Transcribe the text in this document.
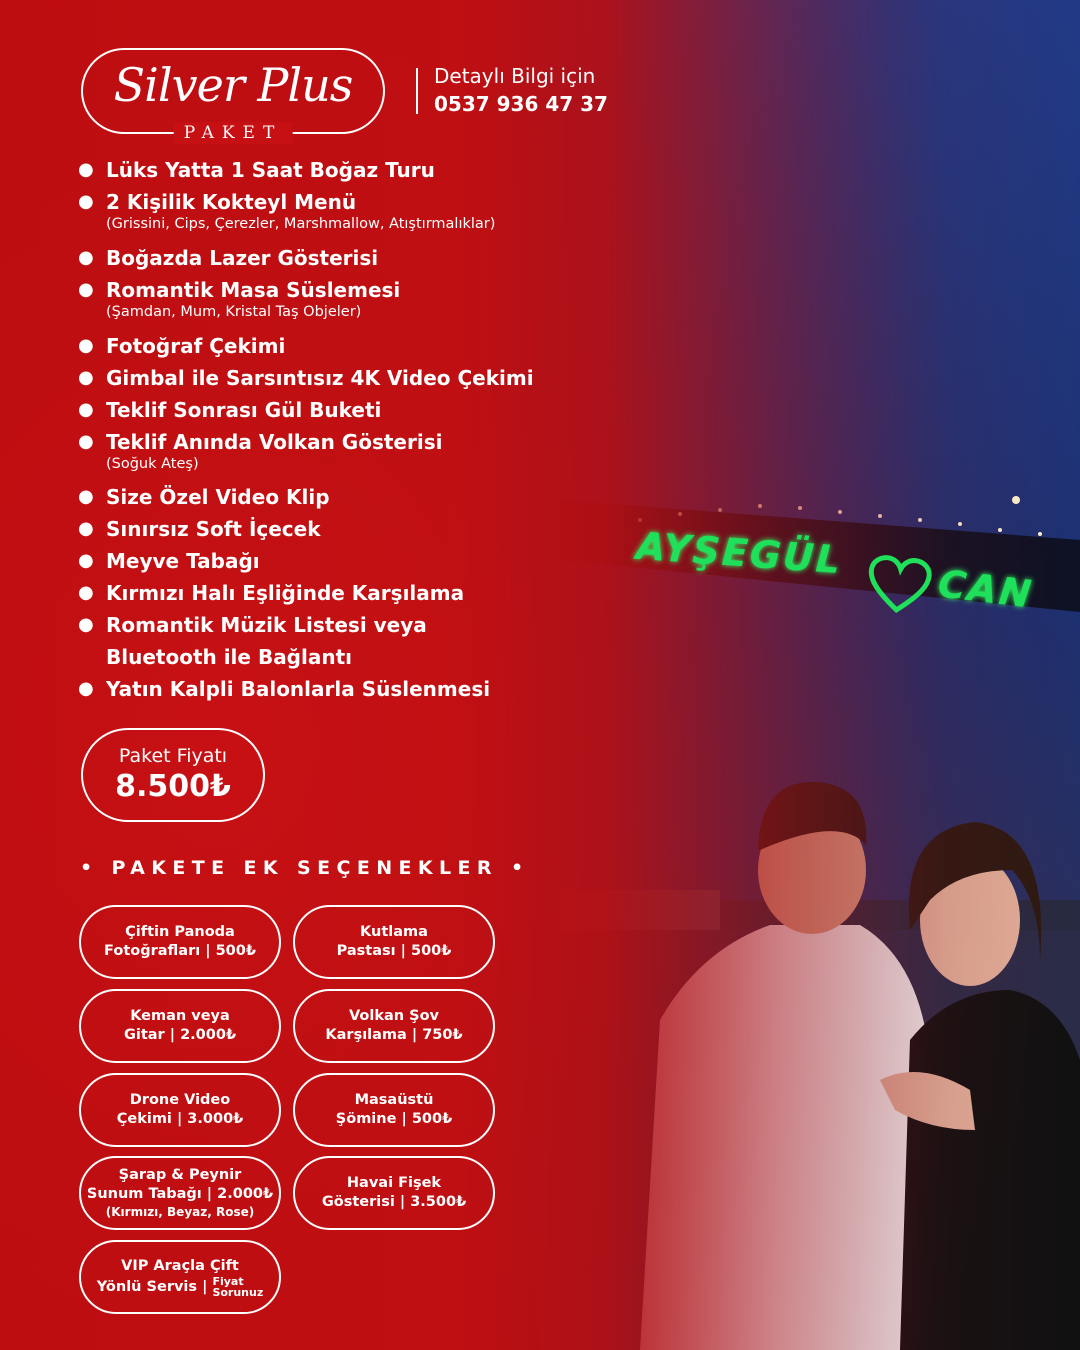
AYŞEGÜL
CAN
Silver Plus
PAKET
Detaylı Bilgi için
0537 936 47 37
● Lüks Yatta 1 Saat Boğaz Turu
● 2 Kişilik Kokteyl Menü
(Grissini, Cips, Çerezler, Marshmallow, Atıştırmalıklar)
● Boğazda Lazer Gösterisi
● Romantik Masa Süslemesi
(Şamdan, Mum, Kristal Taş Objeler)
● Fotoğraf Çekimi
● Gimbal ile Sarsıntısız 4K Video Çekimi
● Teklif Sonrası Gül Buketi
● Teklif Anında Volkan Gösterisi
(Soğuk Ateş)
● Size Özel Video Klip
● Sınırsız Soft İçecek
● Meyve Tabağı
● Kırmızı Halı Eşliğinde Karşılama
● Romantik Müzik Listesi veya
Bluetooth ile Bağlantı
● Yatın Kalpli Balonlarla Süslenmesi
Paket Fiyatı
8.500₺
• PAKETE EK SEÇENEKLER •
Çiftin Panoda
Fotoğrafları | 500₺
Kutlama
Pastası | 500₺
Keman veya
Gitar | 2.000₺
Volkan Şov
Karşılama | 750₺
Drone Video
Çekimi | 3.000₺
Masaüstü
Şömine | 500₺
Şarap & Peynir
Sunum Tabağı | 2.000₺
(Kırmızı, Beyaz, Rose)
Havai Fişek
Gösterisi | 3.500₺
VIP Araçla Çift
Yönlü Servis | Fiyat
Sorunuz
